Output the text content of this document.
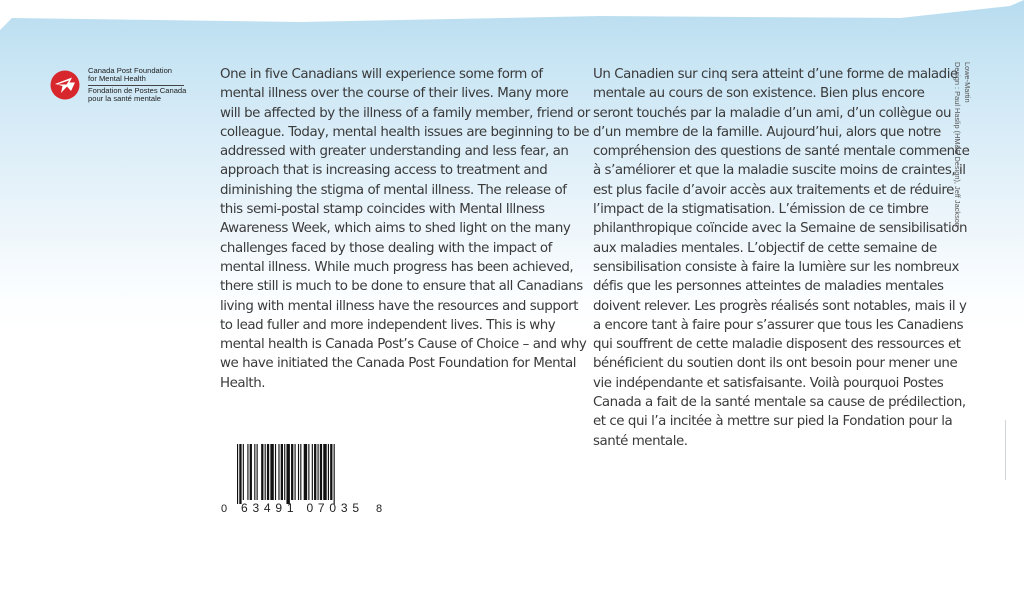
Canada Post Foundation
for Mental Health
Fondation de Postes Canada
pour la santé mentale
One in five Canadians will experience some form of
mental illness over the course of their lives. Many more
will be affected by the illness of a family member, friend or
colleague. Today, mental health issues are beginning to be
addressed with greater understanding and less fear, an
approach that is increasing access to treatment and
diminishing the stigma of mental illness. The release of
this semi-postal stamp coincides with Mental Illness
Awareness Week, which aims to shed light on the many
challenges faced by those dealing with the impact of
mental illness. While much progress has been achieved,
there still is much to be done to ensure that all Canadians
living with mental illness have the resources and support
to lead fuller and more independent lives. This is why
mental health is Canada Post’s Cause of Choice – and why
we have initiated the Canada Post Foundation for Mental
Health.
Un Canadien sur cinq sera atteint d’une forme de maladie
mentale au cours de son existence. Bien plus encore
seront touchés par la maladie d’un ami, d’un collègue ou
d’un membre de la famille. Aujourd’hui, alors que notre
compréhension des questions de santé mentale commence
à s’améliorer et que la maladie suscite moins de craintes, il
est plus facile d’avoir accès aux traitements et de réduire
l’impact de la stigmatisation. L’émission de ce timbre
philanthropique coïncide avec la Semaine de sensibilisation
aux maladies mentales. L’objectif de cette semaine de
sensibilisation consiste à faire la lumière sur les nombreux
défis que les personnes atteintes de maladies mentales
doivent relever. Les progrès réalisés sont notables, mais il y
a encore tant à faire pour s’assurer que tous les Canadiens
qui souffrent de cette maladie disposent des ressources et
bénéficient du soutien dont ils ont besoin pour mener une
vie indépendante et satisfaisante. Voilà pourquoi Postes
Canada a fait de la santé mentale sa cause de prédilection,
et ce qui l’a incitée à mettre sur pied la Fondation pour la
santé mentale.
Lowe-Martin
Design : Paul Haslip (HM&E Design), Jeff Jackson
0 63491 07035 8
